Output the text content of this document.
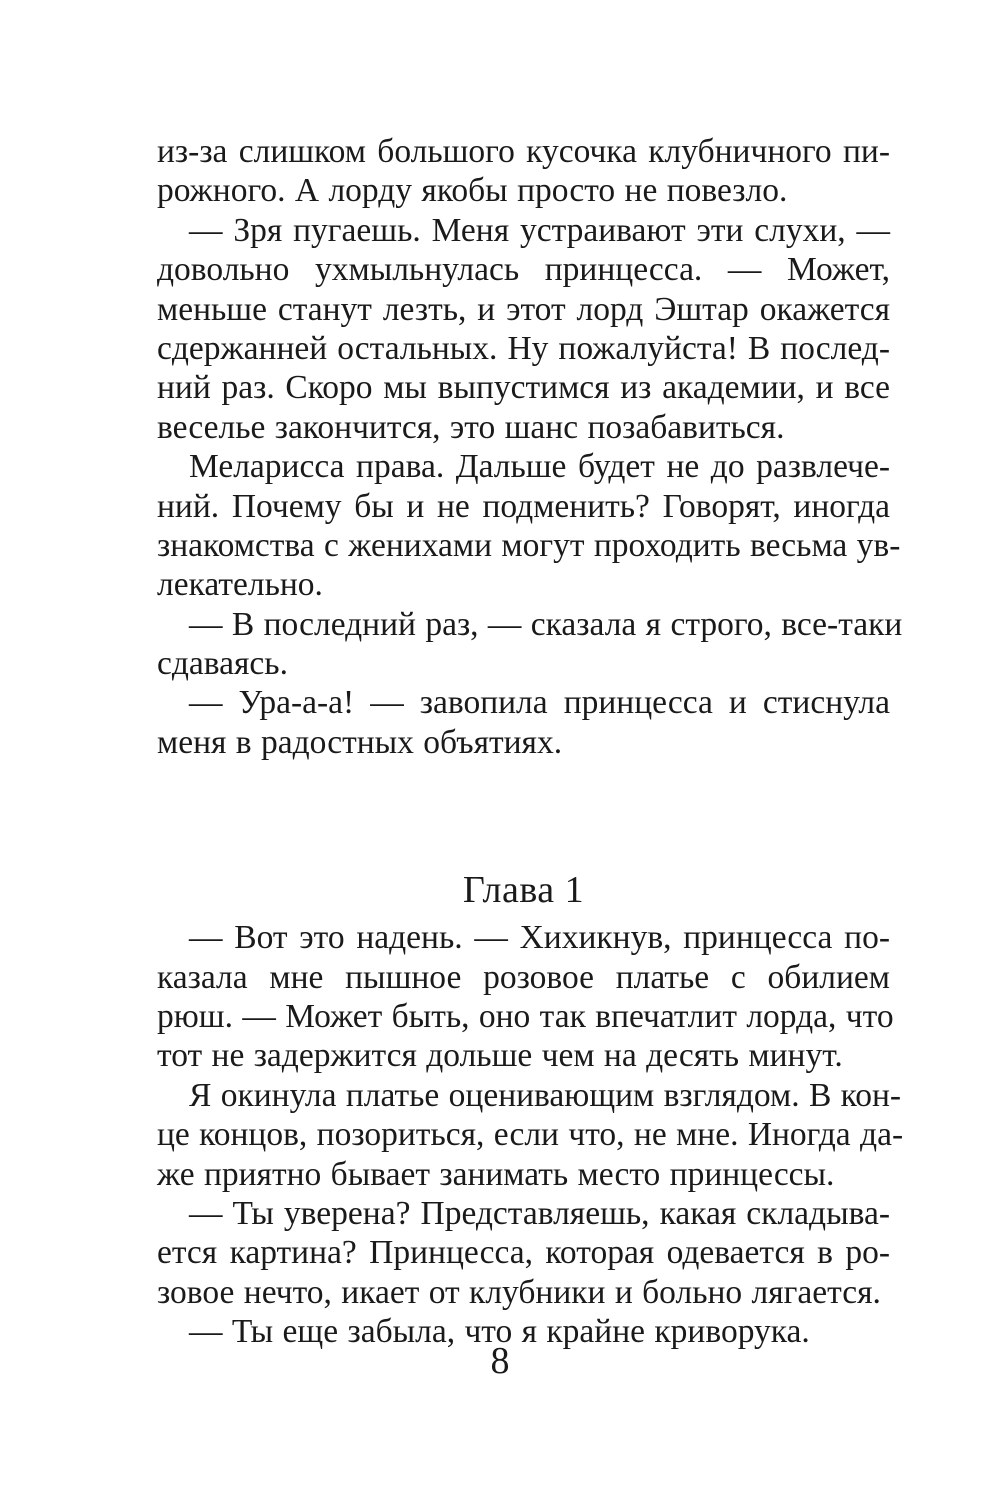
из-за слишком большого кусочка клубничного пи-
рожного. А лорду якобы просто не повезло.
— Зря пугаешь. Меня устраивают эти слухи, —
довольно ухмыльнулась принцесса. — Может,
меньше станут лезть, и этот лорд Эштар окажется
сдержанней остальных. Ну пожалуйста! В послед-
ний раз. Скоро мы выпустимся из академии, и все
веселье закончится, это шанс позабавиться.
Меларисса права. Дальше будет не до развлече-
ний. Почему бы и не подменить? Говорят, иногда
знакомства с женихами могут проходить весьма ув-
лекательно.
— В последний раз, — сказала я строго, все-таки
сдаваясь.
— Ура-а-а! — завопила принцесса и стиснула
меня в радостных объятиях.
Глава 1
— Вот это надень. — Хихикнув, принцесса по-
казала мне пышное розовое платье с обилием
рюш. — Может быть, оно так впечатлит лорда, что
тот не задержится дольше чем на десять минут.
Я окинула платье оценивающим взглядом. В кон-
це концов, позориться, если что, не мне. Иногда да-
же приятно бывает занимать место принцессы.
— Ты уверена? Представляешь, какая складыва-
ется картина? Принцесса, которая одевается в ро-
зовое нечто, икает от клубники и больно лягается.
— Ты еще забыла, что я крайне криворука.
8
